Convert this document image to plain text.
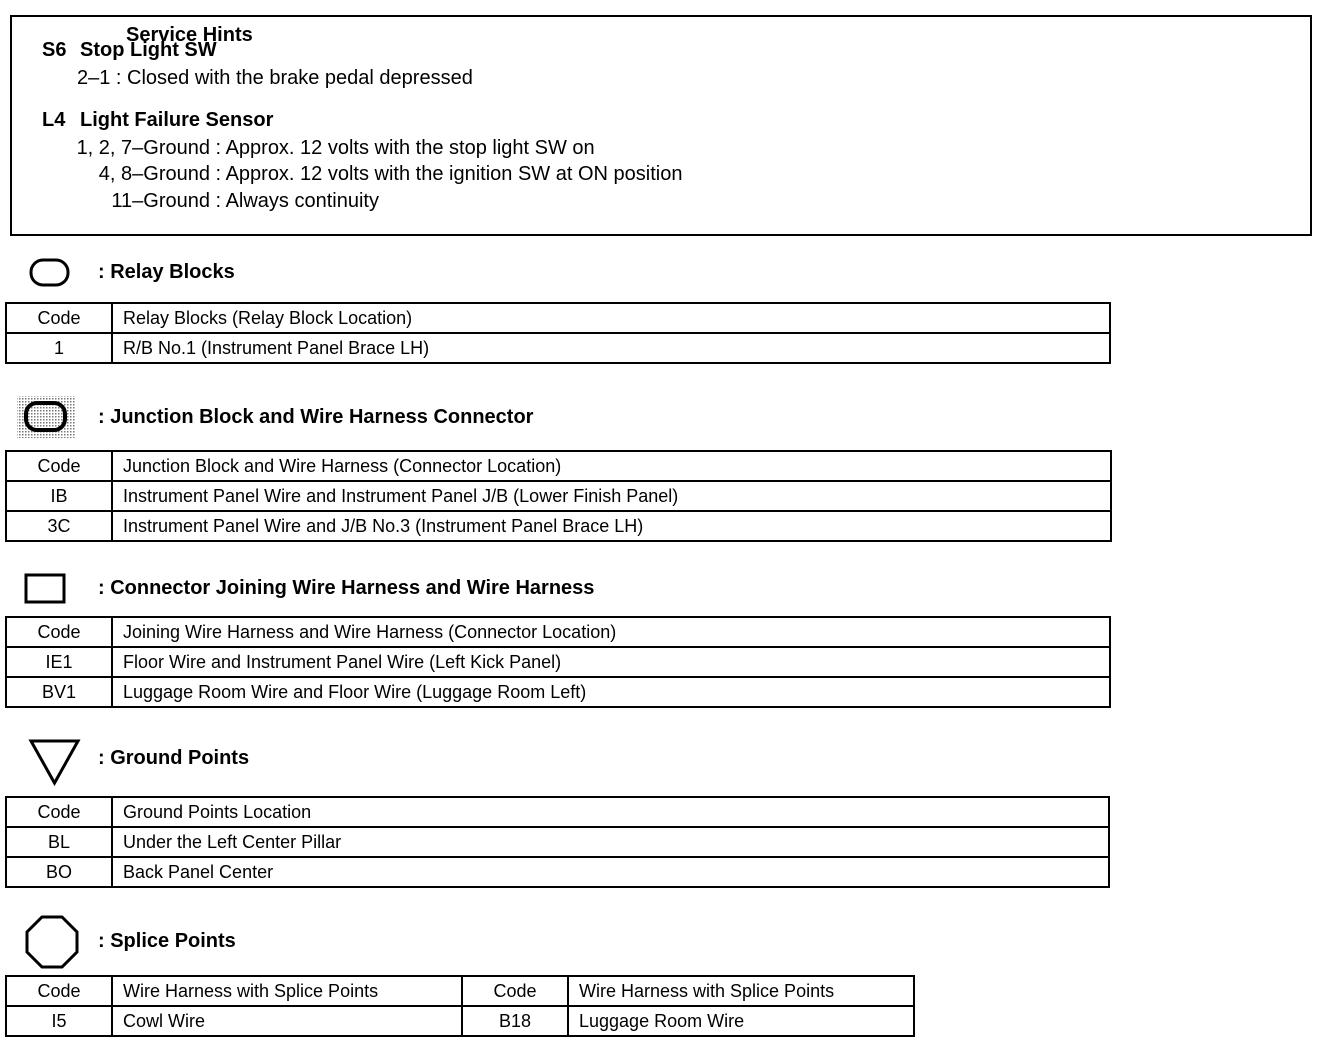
Service Hints
S6 Stop Light SW
2–1 : Closed with the brake pedal depressed
L4 Light Failure Sensor
1, 2, 7–Ground : Approx. 12 volts with the stop light SW on
4, 8–Ground : Approx. 12 volts with the ignition SW at ON position
11–Ground : Always continuity
: Relay Blocks
Code	Relay Blocks (Relay Block Location)
1	R/B No.1 (Instrument Panel Brace LH)
: Junction Block and Wire Harness Connector
Code	Junction Block and Wire Harness (Connector Location)
IB	Instrument Panel Wire and Instrument Panel J/B (Lower Finish Panel)
3C	Instrument Panel Wire and J/B No.3 (Instrument Panel Brace LH)
: Connector Joining Wire Harness and Wire Harness
Code	Joining Wire Harness and Wire Harness (Connector Location)
IE1	Floor Wire and Instrument Panel Wire (Left Kick Panel)
BV1	Luggage Room Wire and Floor Wire (Luggage Room Left)
: Ground Points
Code	Ground Points Location
BL	Under the Left Center Pillar
BO	Back Panel Center
: Splice Points
Code	Wire Harness with Splice Points	Code	Wire Harness with Splice Points
I5	Cowl Wire	B18	Luggage Room Wire
